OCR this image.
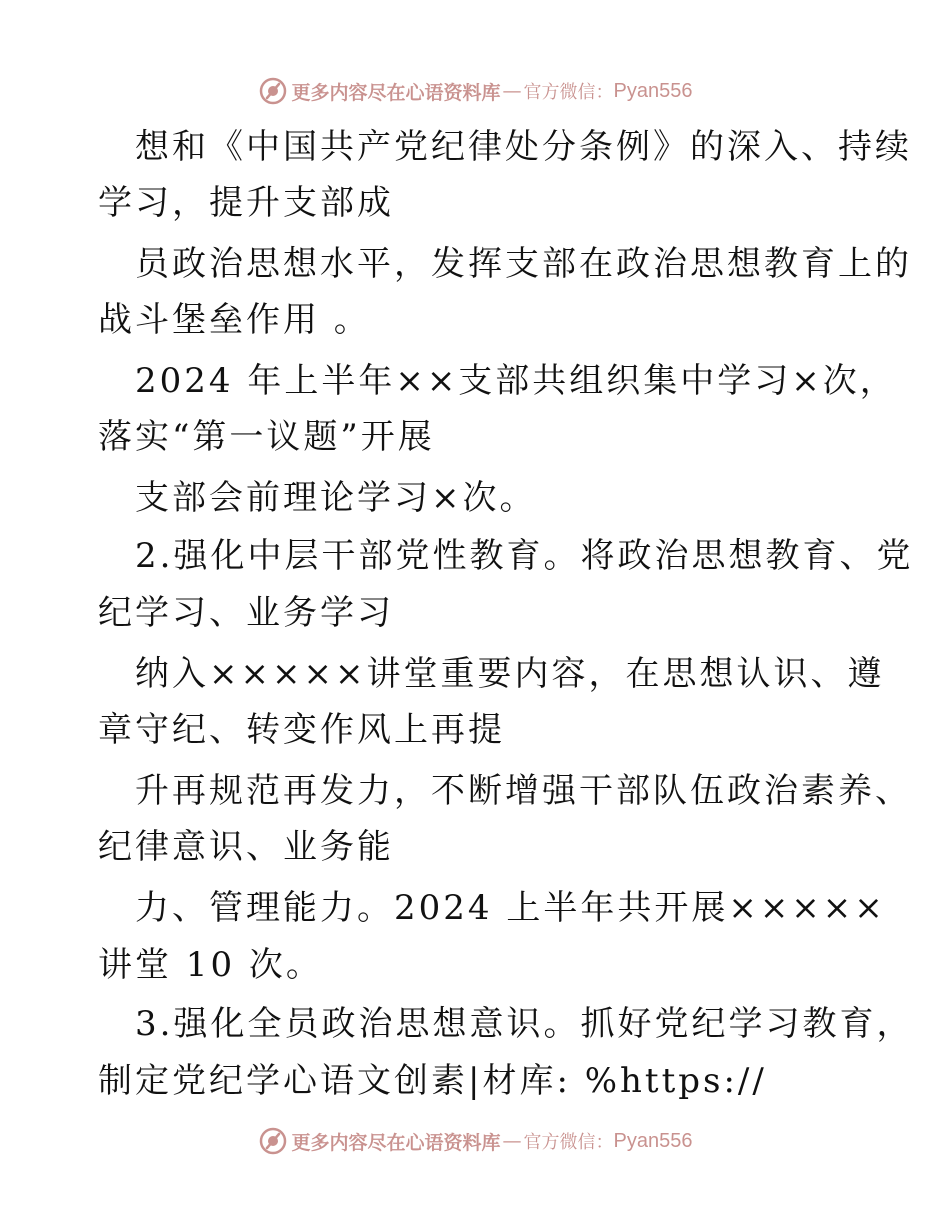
更多内容尽在心语资料库 — 官方微信： Pyan556
想和《中国共产党纪律处分条例》的深入、持续
学习，提升支部成
员政治思想水平，发挥支部在政治思想教育上的
战斗堡垒作用 。
2024 年上半年××支部共组织集中学习×次，
落实“第一议题”开展
支部会前理论学习×次。
2.强化中层干部党性教育。将政治思想教育、党
纪学习、业务学习
纳入×××××讲堂重要内容，在思想认识、遵
章守纪、转变作风上再提
升再规范再发力，不断增强干部队伍政治素养、
纪律意识、业务能
力、管理能力。2024 上半年共开展×××××
讲堂 10 次。
3.强化全员政治思想意识。抓好党纪学习教育，
制定党纪学心语文创素|材库: %https://
更多内容尽在心语资料库 — 官方微信： Pyan556
